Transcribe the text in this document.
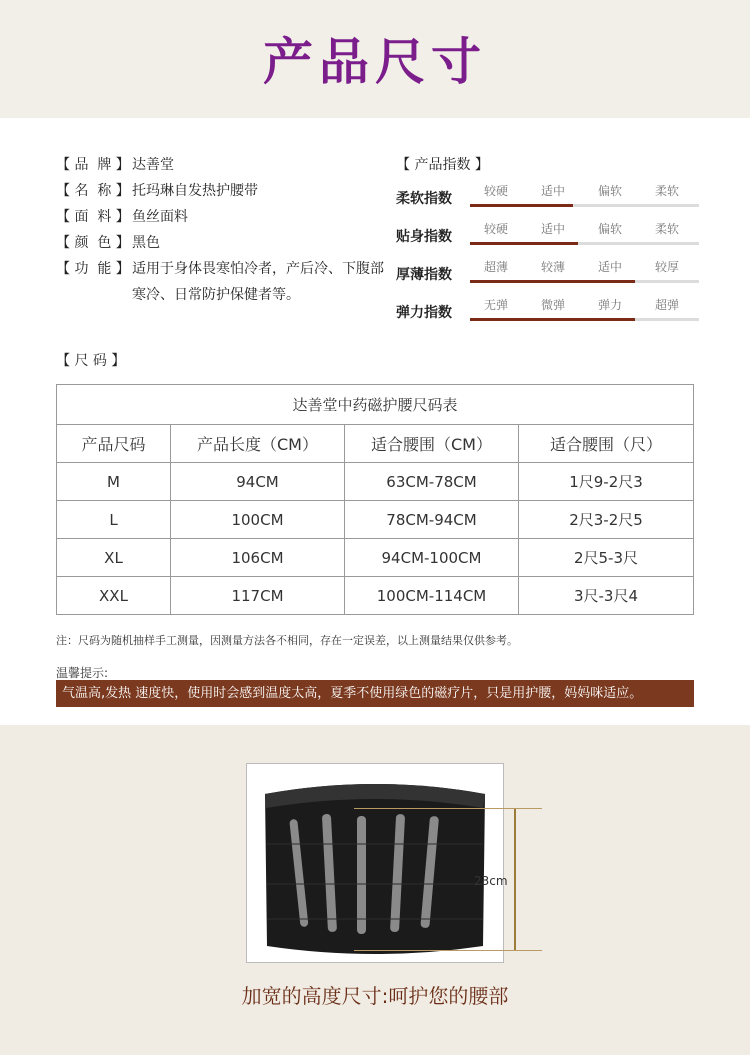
产品尺寸
【 品  牌 】 达善堂
【 名  称 】 托玛琳自发热护腰带
【 面  料 】 鱼丝面料
【 颜  色 】 黑色
【 功  能 】 适用于身体畏寒怕冷者，产后冷、下腹部寒冷、日常防护保健者等。
【 产品指数 】
柔软指数	较硬	适中	偏软	柔软
贴身指数	较硬	适中	偏软	柔软
厚薄指数	超薄	较薄	适中	较厚
弹力指数	无弹	微弹	弹力	超弹
【 尺 码 】
达善堂中药磁护腰尺码表			
产品尺码	产品长度（CM）	适合腰围（CM）	适合腰围（尺）
M	94CM	63CM-78CM	1尺9-2尺3
L	100CM	78CM-94CM	2尺3-2尺5
XL	106CM	94CM-100CM	2尺5-3尺
XXL	117CM	100CM-114CM	3尺-3尺4
注：尺码为随机抽样手工测量，因测量方法各不相同，存在一定误差，以上测量结果仅供参考。
温馨提示:
气温高,发热 速度快，使用时会感到温度太高，夏季不使用绿色的磁疗片，只是用护腰，妈妈咪适应。
23cm
加宽的高度尺寸:呵护您的腰部
